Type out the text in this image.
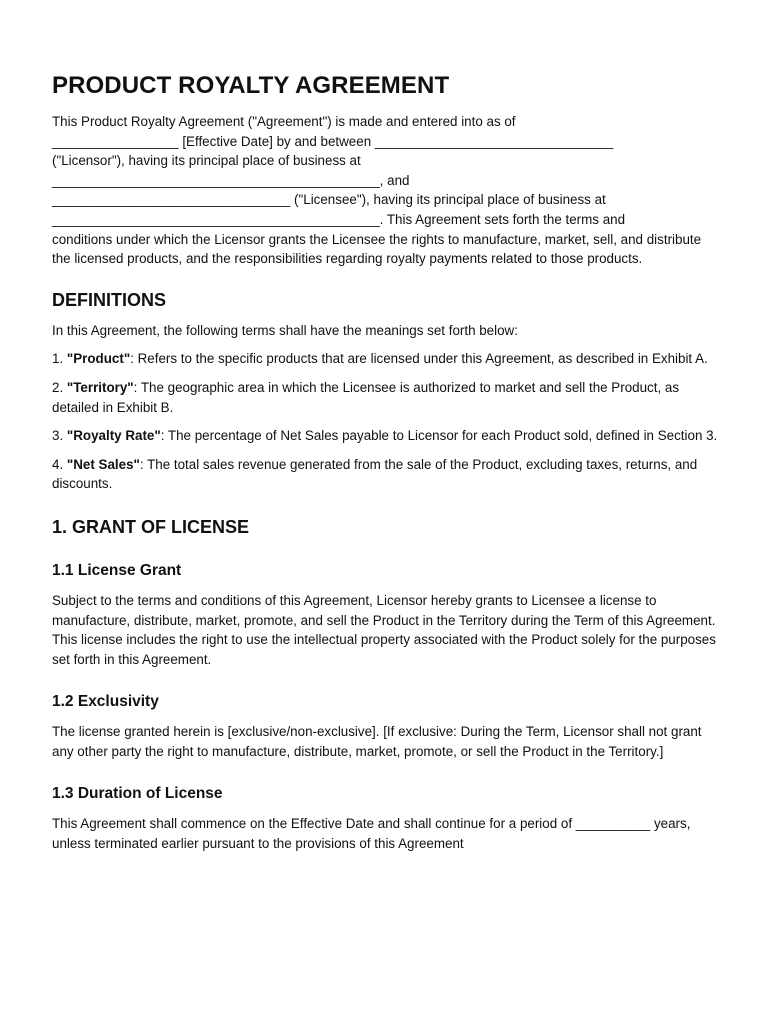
PRODUCT ROYALTY AGREEMENT

This Product Royalty Agreement ("Agreement") is made and entered into as of
_________________ [Effective Date] by and between ________________________________
("Licensor"), having its principal place of business at
____________________________________________, and
________________________________ ("Licensee"), having its principal place of business at
____________________________________________. This Agreement sets forth the terms and
conditions under which the Licensor grants the Licensee the rights to manufacture, market, sell, and distribute the licensed products, and the responsibilities regarding royalty payments related to those products.

DEFINITIONS

In this Agreement, the following terms shall have the meanings set forth below:

1. "Product": Refers to the specific products that are licensed under this Agreement, as described in Exhibit A.

2. "Territory": The geographic area in which the Licensee is authorized to market and sell the Product, as detailed in Exhibit B.

3. "Royalty Rate": The percentage of Net Sales payable to Licensor for each Product sold, defined in Section 3.

4. "Net Sales": The total sales revenue generated from the sale of the Product, excluding taxes, returns, and discounts.

1. GRANT OF LICENSE
1.1 License Grant

Subject to the terms and conditions of this Agreement, Licensor hereby grants to Licensee a license to manufacture, distribute, market, promote, and sell the Product in the Territory during the Term of this Agreement. This license includes the right to use the intellectual property associated with the Product solely for the purposes set forth in this Agreement.

1.2 Exclusivity

The license granted herein is [exclusive/non-exclusive]. [If exclusive: During the Term, Licensor shall not grant any other party the right to manufacture, distribute, market, promote, or sell the Product in the Territory.]

1.3 Duration of License

This Agreement shall commence on the Effective Date and shall continue for a period of __________ years, unless terminated earlier pursuant to the provisions of this Agreement
